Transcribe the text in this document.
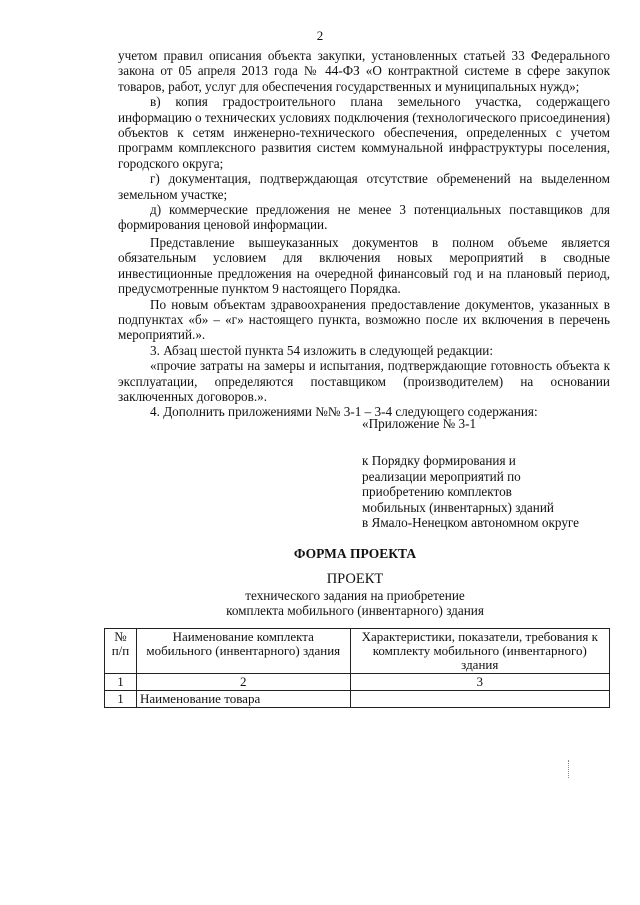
2

учетом правил описания объекта закупки, установленных статьей 33 Федерального закона от 05 апреля 2013 года № 44-ФЗ «О контрактной системе в сфере закупок товаров, работ, услуг для обеспечения государственных и муниципальных нужд»;

в) копия градостроительного плана земельного участка, содержащего информацию о технических условиях подключения (технологического присоединения) объектов к сетям инженерно-технического обеспечения, определенных с учетом программ комплексного развития систем коммунальной инфраструктуры поселения, городского округа;

г) документация, подтверждающая отсутствие обременений на выделенном земельном участке;

д) коммерческие предложения не менее 3 потенциальных поставщиков для формирования ценовой информации.

Представление вышеуказанных документов в полном объеме является обязательным условием для включения новых мероприятий в сводные инвестиционные предложения на очередной финансовый год и на плановый период, предусмотренные пунктом 9 настоящего Порядка.

По новым объектам здравоохранения предоставление документов, указанных в подпунктах «б» – «г» настоящего пункта, возможно после их включения в перечень мероприятий.».

3. Абзац шестой пункта 54 изложить в следующей редакции:

«прочие затраты на замеры и испытания, подтверждающие готовность объекта к эксплуатации, определяются поставщиком (производителем) на основании заключенных договоров.».

4. Дополнить приложениями №№ 3-1 – 3-4 следующего содержания:

«Приложение № 3-1
к Порядку формирования и
реализации мероприятий по
приобретению комплектов
мобильных (инвентарных) зданий
в Ямало-Ненецком автономном округе
ФОРМА ПРОЕКТА
ПРОЕКТ
технического задания на приобретение
комплекта мобильного (инвентарного) здания
№ п/п	Наименование комплекта мобильного (инвентарного) здания	Характеристики, показатели, требования к комплекту мобильного (инвентарного) здания
1	2	3
1	Наименование товара	
